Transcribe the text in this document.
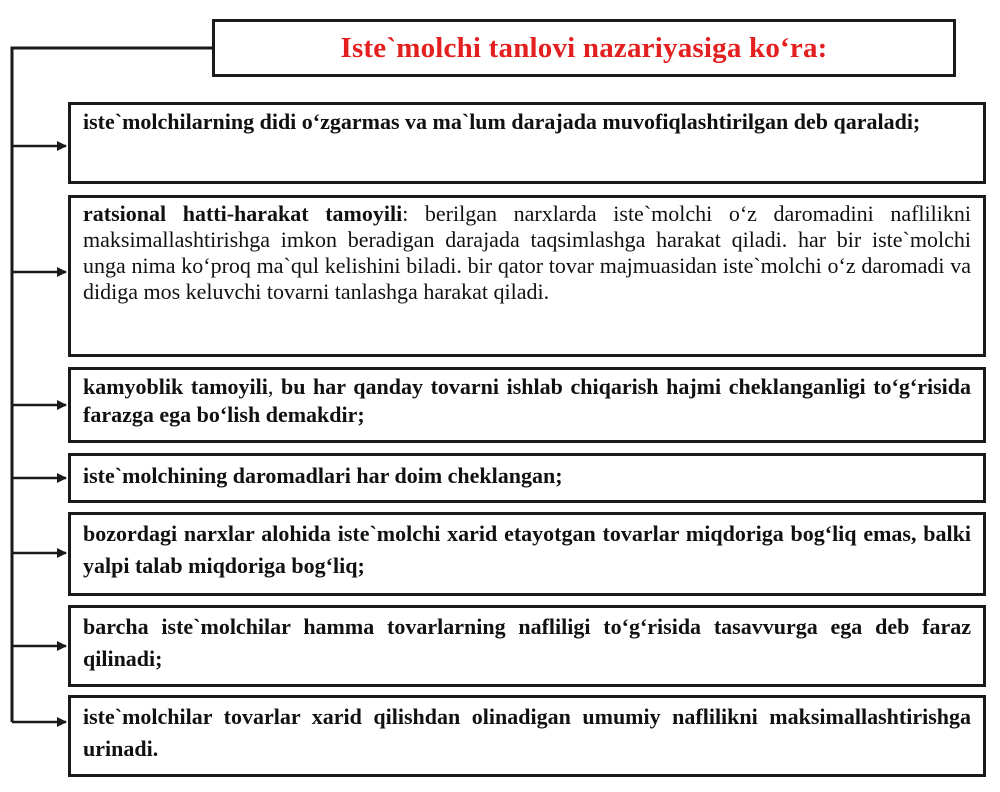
Iste`molchi tanlovi nazariyasiga ko‘ra:
iste`molchilarning didi o‘zgarmas va ma`lum darajada muvofiqlashtirilgan deb qaraladi;
ratsional hatti-harakat tamoyili: berilgan narxlarda iste`molchi o‘z daromadini naflilikni maksimallashtirishga imkon beradigan darajada taqsimlashga harakat qiladi. har bir iste`molchi unga nima ko‘proq ma`qul kelishini biladi. bir qator tovar majmuasidan iste`molchi o‘z daromadi va didiga mos keluvchi tovarni tanlashga harakat qiladi.
kamyoblik tamoyili, bu har qanday tovarni ishlab chiqarish hajmi cheklanganligi to‘g‘risida farazga ega bo‘lish demakdir;
iste`molchining daromadlari har doim cheklangan;
bozordagi narxlar alohida iste`molchi xarid etayotgan tovarlar miqdoriga bog‘liq emas, balki yalpi talab miqdoriga bog‘liq;
barcha iste`molchilar hamma tovarlarning nafliligi to‘g‘risida tasavvurga ega deb faraz qilinadi;
iste`molchilar tovarlar xarid qilishdan olinadigan umumiy naflilikni maksimallashtirishga urinadi.
